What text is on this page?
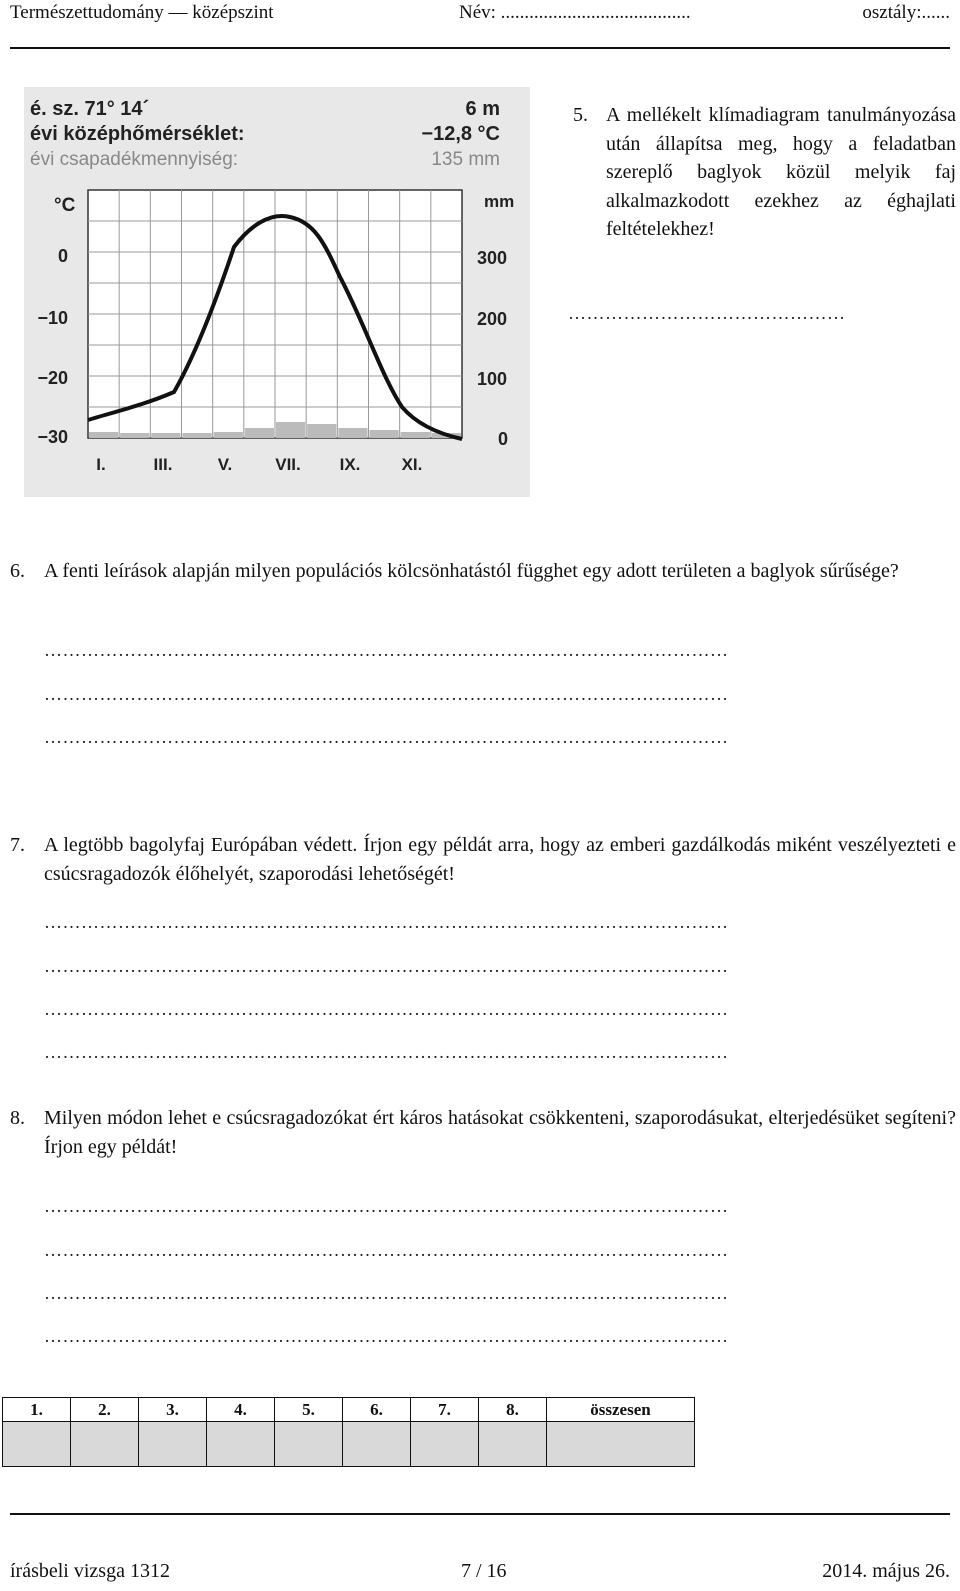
Természettudomány — középszint	Név: ........................................	osztály:......
é. sz. 71° 14´	6 m
évi középhőmérséklet:	−12,8 °C
évi csapadékmennyiség:	135 mm
°C	mm
0
−10
−20
−30
300
200
100
0
I.	III.	V.	VII. IX. XI.
5. A mellékelt klímadiagram tanulmányozása után állapítsa meg, hogy a feladatban szereplő baglyok közül melyik faj alkalmazkodott ezekhez az éghajlati feltételekhez!
………………………………………
6. A fenti leírások alapján milyen populációs kölcsönhatástól függhet egy adott területen a baglyok sűrűsége?
…………………………………………………………………………………………………
…………………………………………………………………………………………………
…………………………………………………………………………………………………
7. A legtöbb bagolyfaj Európában védett. Írjon egy példát arra, hogy az emberi gazdálkodás miként veszélyezteti e csúcsragadozók élőhelyét, szaporodási lehetőségét!
…………………………………………………………………………………………………
…………………………………………………………………………………………………
…………………………………………………………………………………………………
…………………………………………………………………………………………………
8. Milyen módon lehet e csúcsragadozókat ért káros hatásokat csökkenteni, szaporodásukat, elterjedésüket segíteni? Írjon egy példát!
…………………………………………………………………………………………………
…………………………………………………………………………………………………
…………………………………………………………………………………………………
…………………………………………………………………………………………………
1.	2.	3.	4.	5.	6.	7.	8.	összesen

írásbeli vizsga 1312	7 / 16	2014. május 26.
